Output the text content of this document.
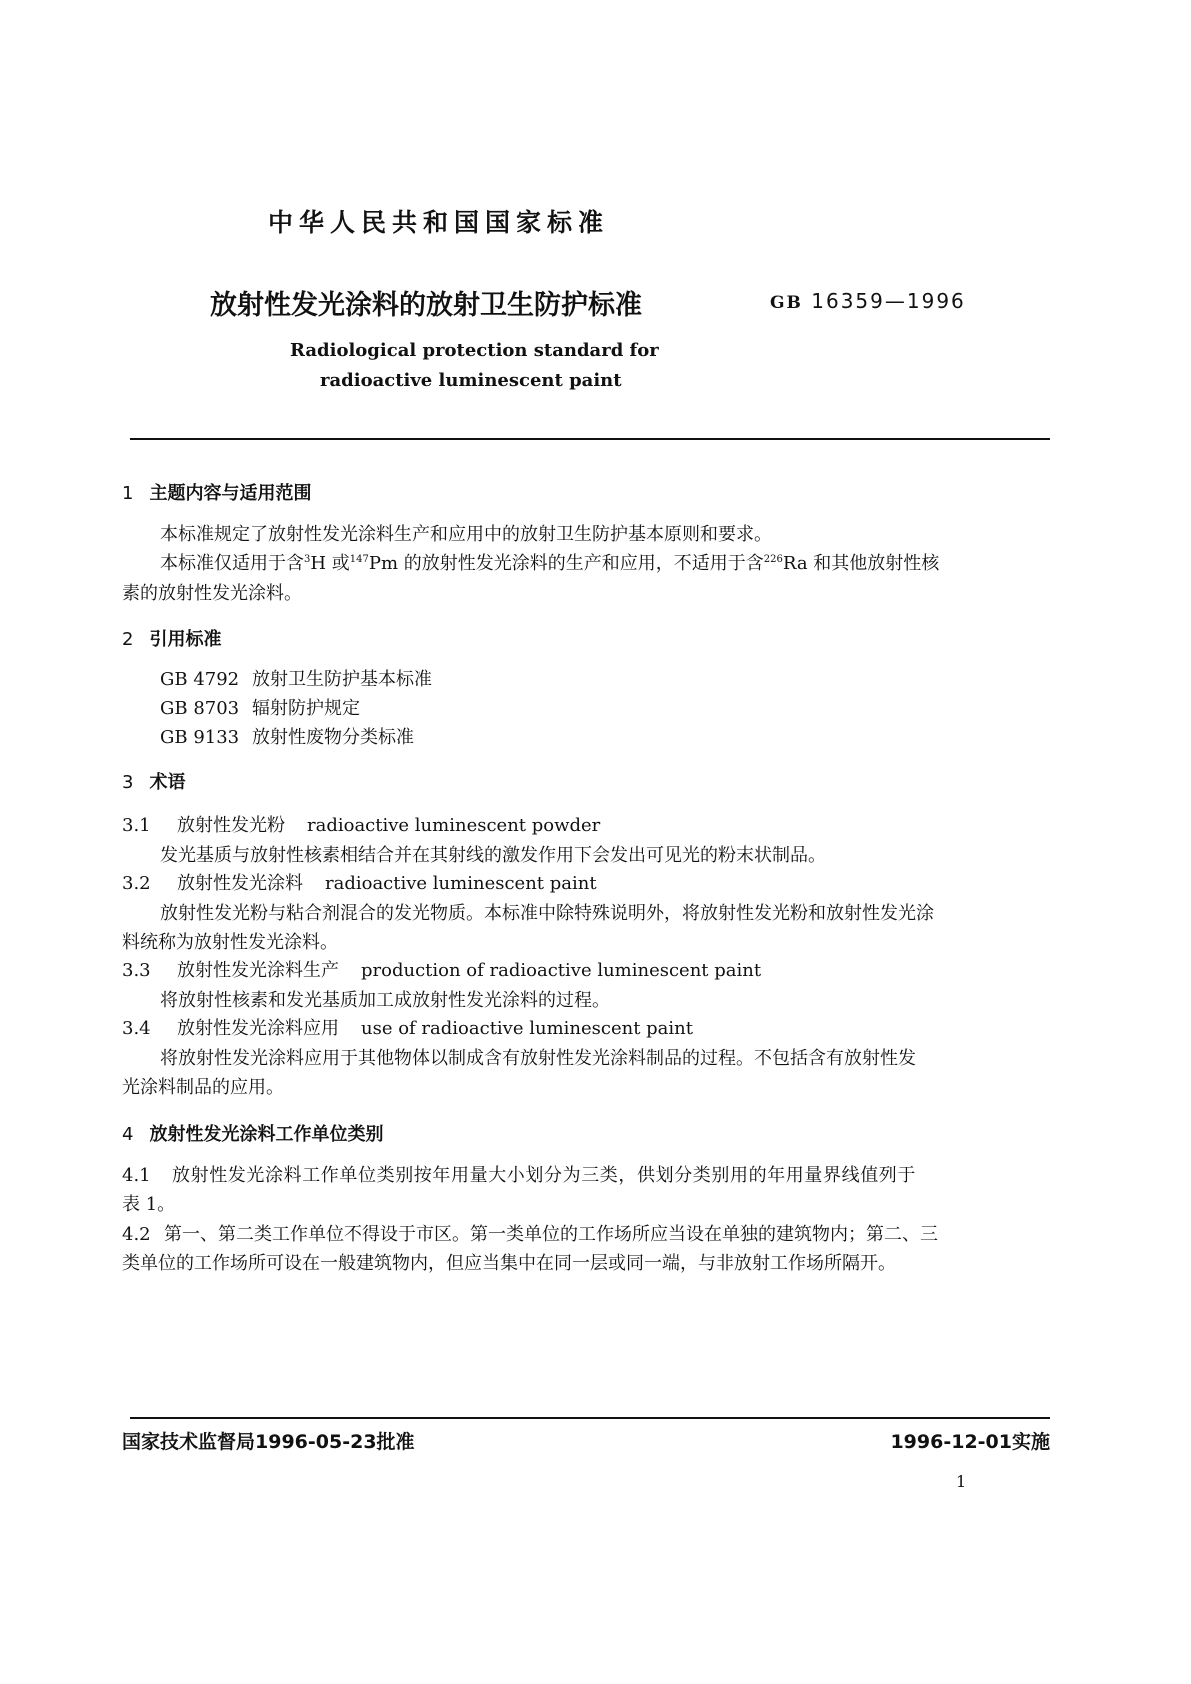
中华人民共和国国家标准
放射性发光涂料的放射卫生防护标准	GB 16359—1996
Radiological protection standard for
radioactive luminescent paint
1 主题内容与适用范围
本标准规定了放射性发光涂料生产和应用中的放射卫生防护基本原则和要求。
本标准仅适用于含$^3$H 或$^{147}$Pm 的放射性发光涂料的生产和应用，不适用于含$^{226}$Ra 和其他放射性核
素的放射性发光涂料。
2 引用标准
GB 4792 放射卫生防护基本标准
GB 8703 辐射防护规定
GB 9133 放射性废物分类标准
3 术语
3.1 放射性发光粉 radioactive luminescent powder
发光基质与放射性核素相结合并在其射线的激发作用下会发出可见光的粉末状制品。
3.2 放射性发光涂料 radioactive luminescent paint
放射性发光粉与粘合剂混合的发光物质。本标准中除特殊说明外，将放射性发光粉和放射性发光涂
料统称为放射性发光涂料。
3.3 放射性发光涂料生产 production of radioactive luminescent paint
将放射性核素和发光基质加工成放射性发光涂料的过程。
3.4 放射性发光涂料应用 use of radioactive luminescent paint
将放射性发光涂料应用于其他物体以制成含有放射性发光涂料制品的过程。不包括含有放射性发
光涂料制品的应用。
4 放射性发光涂料工作单位类别
4.1 放射性发光涂料工作单位类别按年用量大小划分为三类，供划分类别用的年用量界线值列于
表 1。
4.2 第一、第二类工作单位不得设于市区。第一类单位的工作场所应当设在单独的建筑物内；第二、三
类单位的工作场所可设在一般建筑物内，但应当集中在同一层或同一端，与非放射工作场所隔开。
国家技术监督局1996-05-23批准	1996-12-01实施
1
